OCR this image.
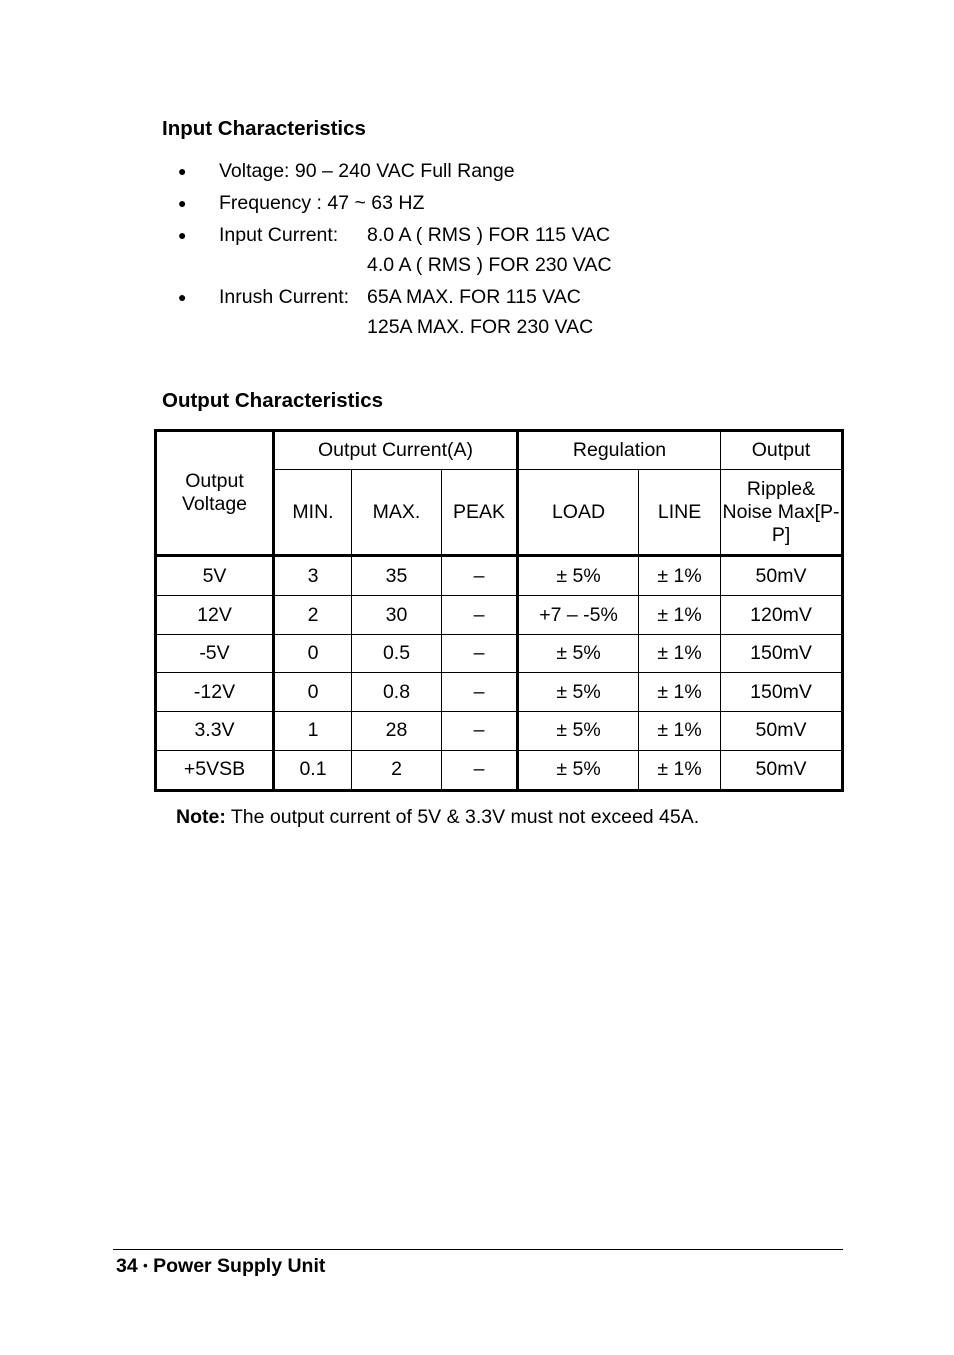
Input Characteristics
● Voltage: 90 – 240 VAC Full Range
● Frequency : 47 ~ 63 HZ
● Input Current: 8.0 A ( RMS ) FOR 115 VAC
4.0 A ( RMS ) FOR 230 VAC
● Inrush Current: 65A MAX. FOR 115 VAC
125A MAX. FOR 230 VAC
Output Characteristics
Output Voltage	Output Current(A)			Regulation		Output
	MIN.	MAX.	PEAK	LOAD	LINE	Ripple& Noise Max[P-P]
5V	3	35	–	± 5%	± 1%	50mV
12V	2	30	–	+7 – -5%	± 1%	120mV
-5V	0	0.5	–	± 5%	± 1%	150mV
-12V	0	0.8	–	± 5%	± 1%	150mV
3.3V	1	28	–	± 5%	± 1%	50mV
+5VSB	0.1	2	–	± 5%	± 1%	50mV
Note: The output current of 5V & 3.3V must not exceed 45A.
34 • Power Supply Unit
